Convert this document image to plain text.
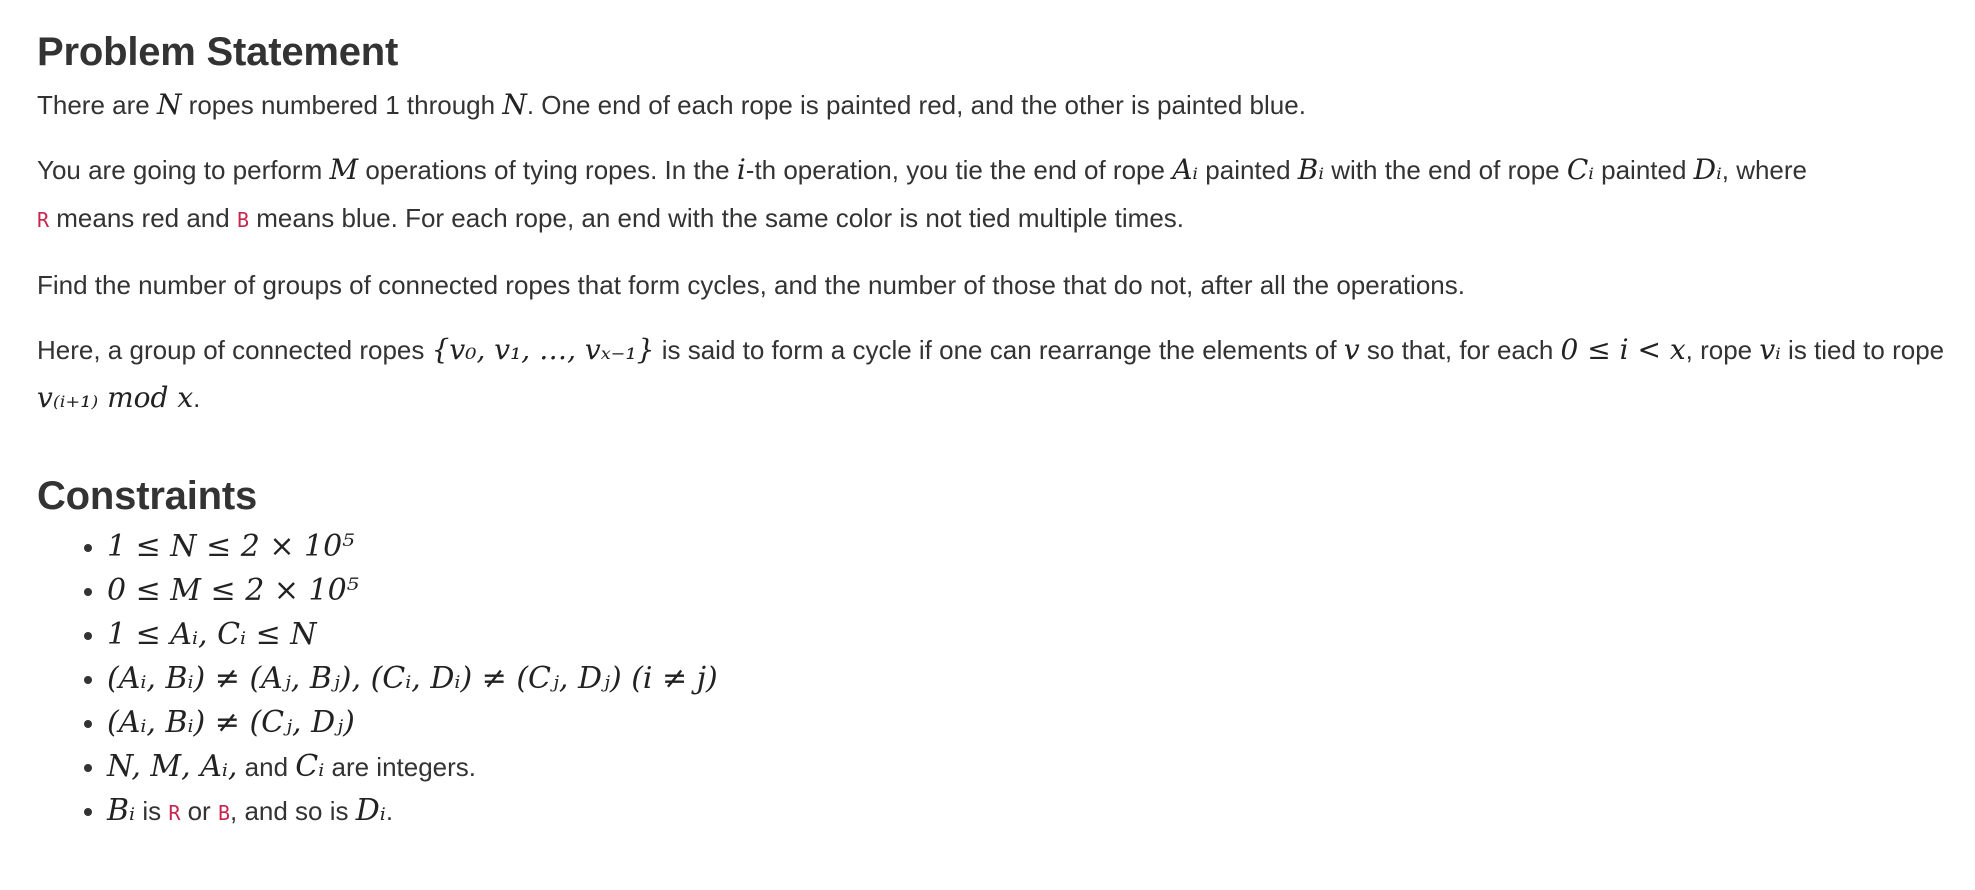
Problem Statement

There are N ropes numbered 1 through N. One end of each rope is painted red, and the other is painted blue.

You are going to perform M operations of tying ropes. In the i-th operation, you tie the end of rope Aᵢ painted Bᵢ with the end of rope Cᵢ painted Dᵢ, where
R means red and B means blue. For each rope, an end with the same color is not tied multiple times.

Find the number of groups of connected ropes that form cycles, and the number of those that do not, after all the operations.

Here, a group of connected ropes {v₀, v₁, …, vₓ₋₁} is said to form a cycle if one can rearrange the elements of v so that, for each 0 ≤ i < x, rope vᵢ is tied to rope
v₍ᵢ₊₁₎ mod x.

Constraints
• 1 ≤ N ≤ 2 × 10⁵
• 0 ≤ M ≤ 2 × 10⁵
• 1 ≤ Aᵢ, Cᵢ ≤ N
• (Aᵢ, Bᵢ) ≠ (Aⱼ, Bⱼ), (Cᵢ, Dᵢ) ≠ (Cⱼ, Dⱼ) (i ≠ j)
• (Aᵢ, Bᵢ) ≠ (Cⱼ, Dⱼ)
• N, M, Aᵢ, and Cᵢ are integers.
• Bᵢ is R or B, and so is Dᵢ.
